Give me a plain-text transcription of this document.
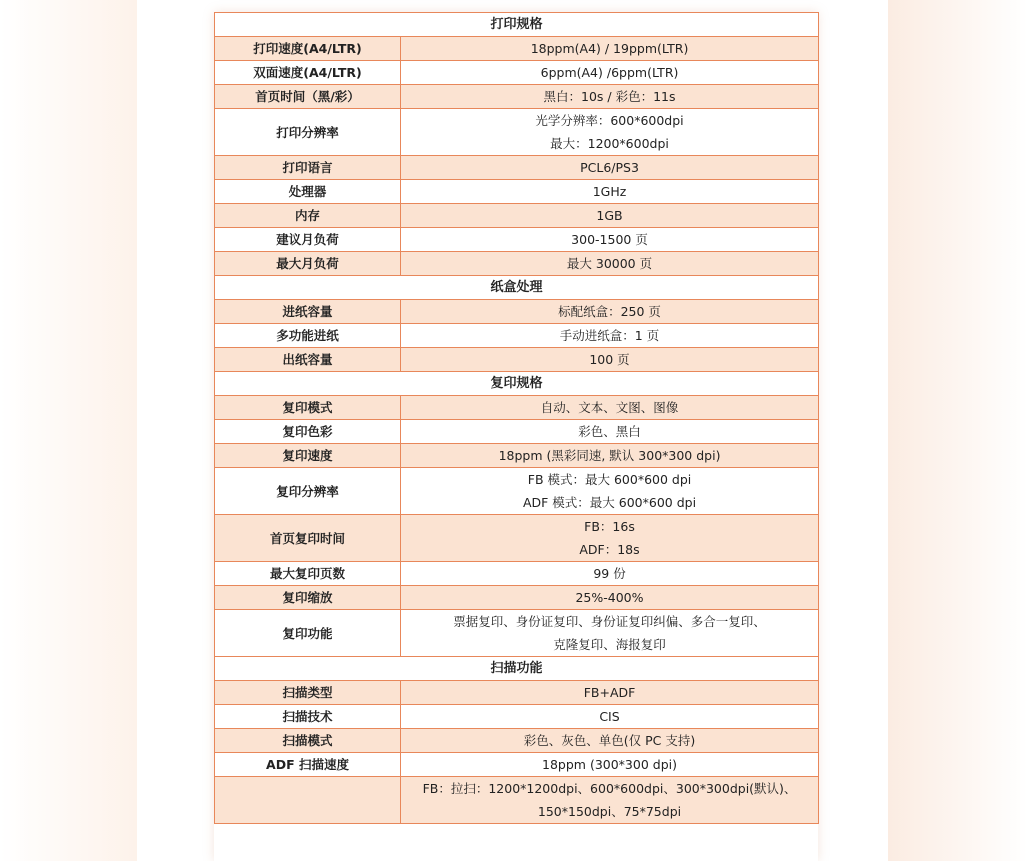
打印规格	
打印速度(A4/LTR)	18ppm(A4) / 19ppm(LTR)

双面速度(A4/LTR)	6ppm(A4) /6ppm(LTR)

首页时间（黑/彩）	黑白：10s / 彩色：11s

打印分辨率	光学分辨率：600*600dpi
最大：1200*600dpi

打印语言	PCL6/PS3

处理器	1GHz

内存	1GB

建议月负荷	300-1500 页

最大月负荷	最大 30000 页

纸盒处理	
进纸容量	标配纸盒：250 页

多功能进纸	手动进纸盒：1 页

出纸容量	100 页

复印规格	
复印模式	自动、文本、文图、图像

复印色彩	彩色、黑白

复印速度	18ppm (黑彩同速, 默认 300*300 dpi)

复印分辨率	FB 模式：最大 600*600 dpi
ADF 模式：最大 600*600 dpi

首页复印时间	FB：16s
ADF：18s

最大复印页数	99 份

复印缩放	25%-400%

复印功能	票据复印、身份证复印、身份证复印纠偏、多合一复印、
克隆复印、海报复印

扫描功能	
扫描类型	FB+ADF

扫描技术	CIS

扫描模式	彩色、灰色、单色(仅 PC 支持)

ADF 扫描速度	18ppm (300*300 dpi)

	FB：拉扫：1200*1200dpi、600*600dpi、300*300dpi(默认)、
150*150dpi、75*75dpi
